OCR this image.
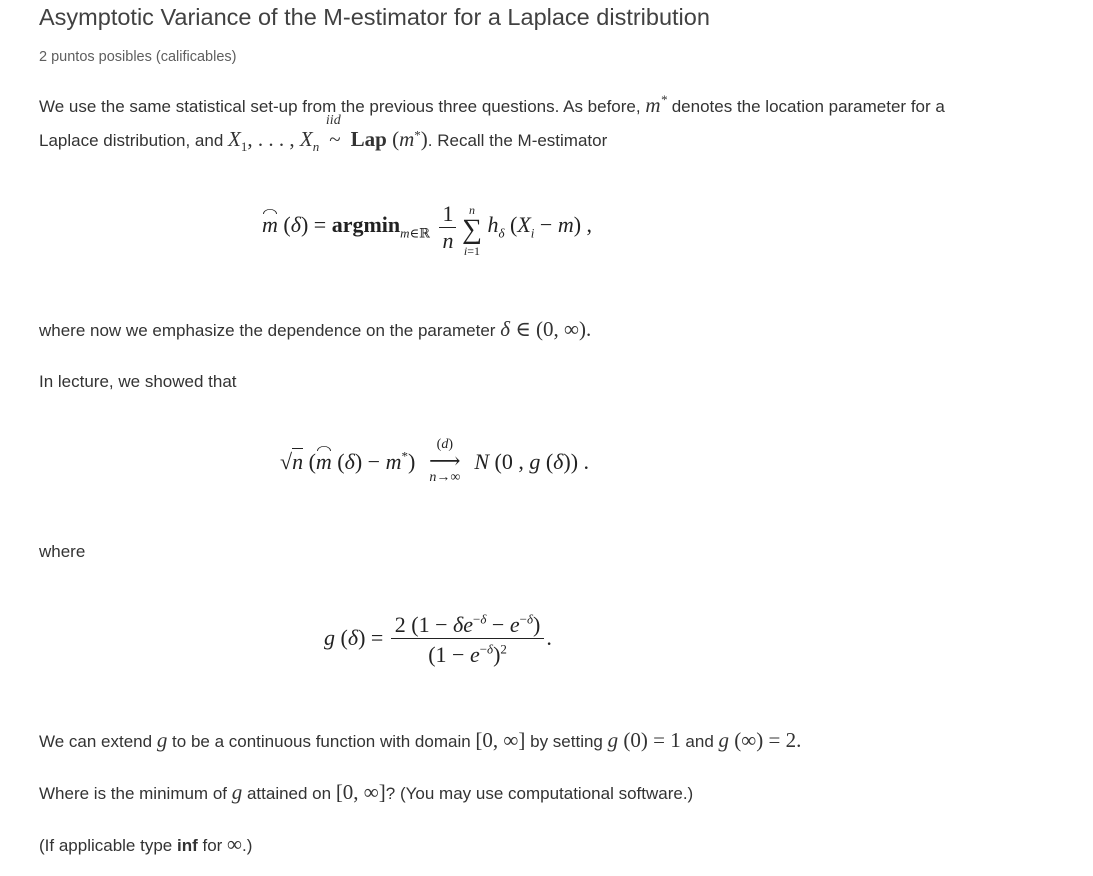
Asymptotic Variance of the M-estimator for a Laplace distribution
2 puntos posibles (calificables)
We use the same statistical set-up from the previous three questions. As before, m* denotes the location parameter for a
Laplace distribution, and $X_1$, . . . , $X_n$
iid
~ Lap (m*). Recall the M-estimator
m $(\delta) = argmin_{m\in ℝ} \frac{1}{n}$
	n
∑
i=1
$h_\delta$ $(X_i - m)$ ,
where now we emphasize the dependence on the parameter δ ∈ (0, ∞).
In lecture, we showed that
√n (m (δ) − m*)
(d)
⟶
n→∞
N (0 , g (δ)) .
where
g $(\delta) = \frac{2 (1 - \delta e^{-\delta} - e^{-\delta})}{(1 - e^{-\delta})^2}$ .
We can extend g to be a continuous function with domain [0, ∞] by setting g (0) = 1 and g (∞) = 2.
Where is the minimum of g attained on [0, ∞]? (You may use computational software.)
(If applicable type inf for ∞.)
